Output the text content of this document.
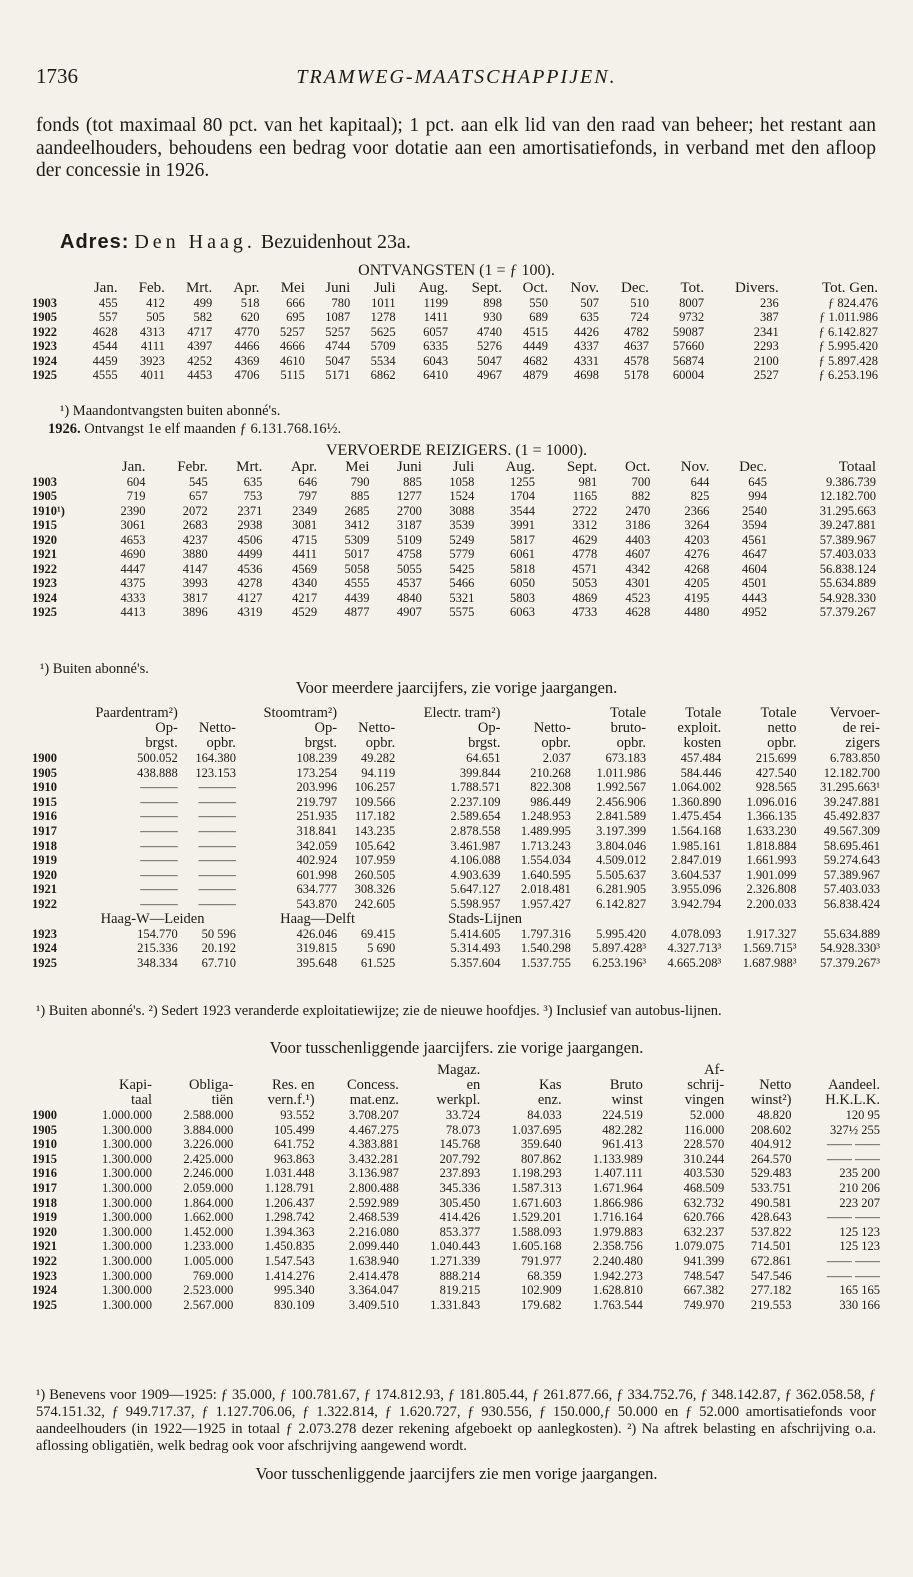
1736	TRAMWEG-MAATSCHAPPIJEN.
fonds (tot maximaal 80 pct. van het kapitaal); 1 pct. aan elk lid van den raad van beheer; het restant aan aandeelhouders, behoudens een bedrag voor dotatie aan een amortisatiefonds, in verband met den afloop der concessie in 1926.
Adres: Den Haag. Bezuidenhout 23a.
ONTVANGSTEN (1 = ƒ 100).
	Jan.	Feb.	Mrt.	Apr.	Mei	Juni	Juli	Aug.	Sept.	Oct.	Nov.	Dec.	Tot.	Divers.	Tot. Gen.
1903	455	412	499	518	666	780	1011	1199	898	550	507	510	8007	236	ƒ 824.476
1905	557	505	582	620	695	1087	1278	1411	930	689	635	724	9732	387	ƒ 1.011.986
1922	4628	4313	4717	4770	5257	5257	5625	6057	4740	4515	4426	4782	59087	2341	ƒ 6.142.827
1923	4544	4111	4397	4466	4666	4744	5709	6335	5276	4449	4337	4637	57660	2293	ƒ 5.995.420
1924	4459	3923	4252	4369	4610	5047	5534	6043	5047	4682	4331	4578	56874	2100	ƒ 5.897.428
1925	4555	4011	4453	4706	5115	5171	6862	6410	4967	4879	4698	5178	60004	2527	ƒ 6.253.196
¹) Maandontvangsten buiten abonné's.
1926. Ontvangst 1e elf maanden ƒ 6.131.768.16½.
VERVOERDE REIZIGERS. (1 = 1000).
	Jan.	Febr.	Mrt.	Apr.	Mei	Juni	Juli	Aug.	Sept.	Oct.	Nov.	Dec.	Totaal
1903	604	545	635	646	790	885	1058	1255	981	700	644	645	9.386.739
1905	719	657	753	797	885	1277	1524	1704	1165	882	825	994	12.182.700
1910¹)	2390	2072	2371	2349	2685	2700	3088	3544	2722	2470	2366	2540	31.295.663
1915	3061	2683	2938	3081	3412	3187	3539	3991	3312	3186	3264	3594	39.247.881
1920	4653	4237	4506	4715	5309	5109	5249	5817	4629	4403	4203	4561	57.389.967
1921	4690	3880	4499	4411	5017	4758	5779	6061	4778	4607	4276	4647	57.403.033
1922	4447	4147	4536	4569	5058	5055	5425	5818	4571	4342	4268	4604	56.838.124
1923	4375	3993	4278	4340	4555	4537	5466	6050	5053	4301	4205	4501	55.634.889
1924	4333	3817	4127	4217	4439	4840	5321	5803	4869	4523	4195	4443	54.928.330
1925	4413	3896	4319	4529	4877	4907	5575	6063	4733	4628	4480	4952	57.379.267
¹) Buiten abonné's.
Voor meerdere jaarcijfers, zie vorige jaargangen.
	Paardentram²)		Stoomtram²)		Electr. tram²)		Totale	Totale	Totale	Vervoer-
	Op-	Netto-	Op-	Netto-	Op-	Netto-	bruto-	exploit.	netto	de rei-
	brgst.	opbr.	brgst.	opbr.	brgst.	opbr.	opbr.	kosten	opbr.	zigers
1900	500.052	164.380	108.239	49.282	64.651	2.037	673.183	457.484	215.699	6.783.850
1905	438.888	123.153	173.254	94.119	399.844	210.268	1.011.986	584.446	427.540	12.182.700
1910	———	———	203.996	106.257	1.788.571	822.308	1.992.567	1.064.002	928.565	31.295.663¹
1915	———	———	219.797	109.566	2.237.109	986.449	2.456.906	1.360.890	1.096.016	39.247.881
1916	———	———	251.935	117.182	2.589.654	1.248.953	2.841.589	1.475.454	1.366.135	45.492.837
1917	———	———	318.841	143.235	2.878.558	1.489.995	3.197.399	1.564.168	1.633.230	49.567.309
1918	———	———	342.059	105.642	3.461.987	1.713.243	3.804.046	1.985.161	1.818.884	58.695.461
1919	———	———	402.924	107.959	4.106.088	1.554.034	4.509.012	2.847.019	1.661.993	59.274.643
1920	———	———	601.998	260.505	4.903.639	1.640.595	5.505.637	3.604.537	1.901.099	57.389.967
1921	———	———	634.777	308.326	5.647.127	2.018.481	6.281.905	3.955.096	2.326.808	57.403.033
1922	———	———	543.870	242.605	5.598.957	1.957.427	6.142.827	3.942.794	2.200.033	56.838.424
	Haag-W—Leiden		Haag—Delft		Stads-Lijnen					
1923	154.770	50 596	426.046	69.415	5.414.605	1.797.316	5.995.420	4.078.093	1.917.327	55.634.889
1924	215.336	20.192	319.815	5 690	5.314.493	1.540.298	5.897.428³	4.327.713³	1.569.715³	54.928.330³
1925	348.334	67.710	395.648	61.525	5.357.604	1.537.755	6.253.196³	4.665.208³	1.687.988³	57.379.267³
¹) Buiten abonné's. ²) Sedert 1923 veranderde exploitatiewijze; zie de nieuwe hoofdjes. ³) Inclusief van autobus-lijnen.
Voor tusschenliggende jaarcijfers. zie vorige jaargangen.
					Magaz.			Af-		
	Kapi-	Obliga-	Res. en	Concess.	en	Kas	Bruto	schrij-	Netto	Aandeel.
	taal	tiën	vern.f.¹)	mat.enz.	werkpl.	enz.	winst	vingen	winst²)	H.K.L.K.
1900	1.000.000	2.588.000	93.552	3.708.207	33.724	84.033	224.519	52.000	48.820	120 95
1905	1.300.000	3.884.000	105.499	4.467.275	78.073	1.037.695	482.282	116.000	208.602	327½ 255
1910	1.300.000	3.226.000	641.752	4.383.881	145.768	359.640	961.413	228.570	404.912	—— ——
1915	1.300.000	2.425.000	963.863	3.432.281	207.792	807.862	1.133.989	310.244	264.570	—— ——
1916	1.300.000	2.246.000	1.031.448	3.136.987	237.893	1.198.293	1.407.111	403.530	529.483	235 200
1917	1.300.000	2.059.000	1.128.791	2.800.488	345.336	1.587.313	1.671.964	468.509	533.751	210 206
1918	1.300.000	1.864.000	1.206.437	2.592.989	305.450	1.671.603	1.866.986	632.732	490.581	223 207
1919	1.300.000	1.662.000	1.298.742	2.468.539	414.426	1.529.201	1.716.164	620.766	428.643	—— ——
1920	1.300.000	1.452.000	1.394.363	2.216.080	853.377	1.588.093	1.979.883	632.237	537.822	125 123
1921	1.300.000	1.233.000	1.450.835	2.099.440	1.040.443	1.605.168	2.358.756	1.079.075	714.501	125 123
1922	1.300.000	1.005.000	1.547.543	1.638.940	1.271.339	791.977	2.240.480	941.399	672.861	—— ——
1923	1.300.000	769.000	1.414.276	2.414.478	888.214	68.359	1.942.273	748.547	547.546	—— ——
1924	1.300.000	2.523.000	995.340	3.364.047	819.215	102.909	1.628.810	667.382	277.182	165 165
1925	1.300.000	2.567.000	830.109	3.409.510	1.331.843	179.682	1.763.544	749.970	219.553	330 166
¹) Benevens voor 1909—1925: ƒ 35.000, ƒ 100.781.67, ƒ 174.812.93, ƒ 181.805.44, ƒ 261.877.66, ƒ 334.752.76, ƒ 348.142.87, ƒ 362.058.58, ƒ 574.151.32, ƒ 949.717.37, ƒ 1.127.706.06, ƒ 1.322.814, ƒ 1.620.727, ƒ 930.556, ƒ 150.000,ƒ 50.000 en ƒ 52.000 amortisatiefonds voor aandeelhouders (in 1922—1925 in totaal ƒ 2.073.278 dezer rekening afgeboekt op aanlegkosten). ²) Na aftrek belasting en afschrijving o.a. aflossing obligatiën, welk bedrag ook voor afschrijving aangewend wordt.
Voor tusschenliggende jaarcijfers zie men vorige jaargangen.
